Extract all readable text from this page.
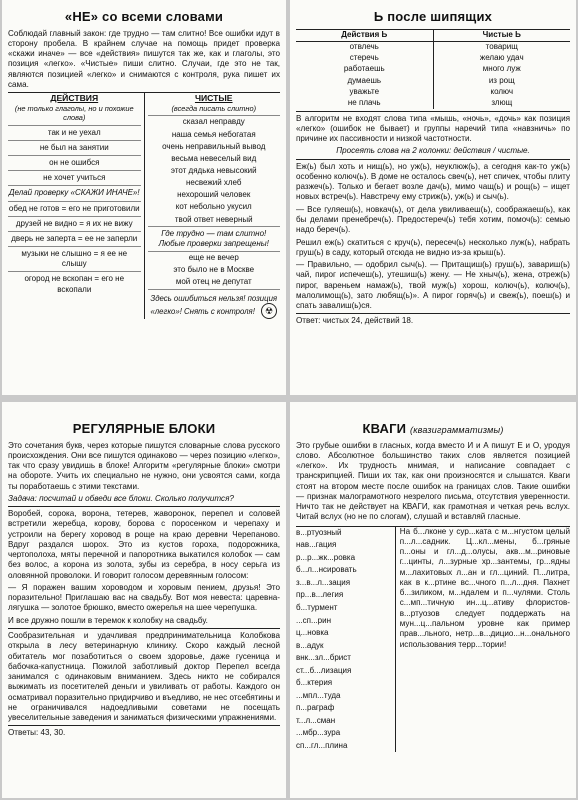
«НЕ» со всеми словами

Соблюдай главный закон: где трудно — там слитно! Все ошибки идут в сторону пробела. В крайнем случае на помощь придет проверка «скажи иначе» — все «действия» пишутся так же, как и глаголы, это позиция «легко». «Чистые» пиши слитно. Случаи, где это не так, являются позицией «легко» и снимаются с контроля, рука пишет их сама.

ДЕЙСТВИЯ
(не только глаголы, но и похожие слова)
так и не уехал
не был на занятии
он не ошибся
не хочет учиться
Делай проверку «СКАЖИ ИНАЧЕ»!
обед не готов = его не приготовили
друзей не видно = я их не вижу
дверь не заперта = ее не заперли
музыки не слышно = я ее не слышу
огород не вскопан = его не вскопали
ЧИСТЫЕ
(всегда писать слитно)
сказал неправду
наша семья небогатая
очень неправильный вывод
весьма невеселый вид
этот дядька невысокий
несвежий хлеб
нехороший человек
кот небольно укусил
твой ответ неверный
Где трудно — там слитно! Любые проверки запрещены!
еще не вечер
это было не в Москве
мой отец не депутат
Здесь ошибиться нельзя! позиция «легко»! Снять с контроля! ☢
Ь после шипящих
Действия Ь
отвлечь
стеречь
работаешь
думаешь
уважьте
не плачь
Чистые Ь
товарищ
желаю удач
много луж
из рощ
колюч
злющ

В алгоритм не входят слова типа «мышь, «ночь», «дочь» как позиция «легко» (ошибок не бывает) и группы наречий типа «навзничь» по причине их пассивности и низкой частотности.

Просеять слова на 2 колонки: действия / чистые.

Еж(ь) был хоть и нищ(ь), но уж(ь), неуклюж(ь), а сегодня как-то уж(ь) особенно колюч(ь). В доме не осталось свеч(ь), нет спичек, чтобы плиту разжеч(ь). Только и бегает возле дач(ь), мимо чащ(ь) и рощ(ь) – ищет новых встреч(ь). Навстречу ему стриж(ь), уж(ь) и сыч(ь).

— Все гуляеш(ь), новкач(ь), от дела увиливаеш(ь), соображаеш(ь), как бы делами пренебреч(ь). Предостереч(ь) тебя хотим, помоч(ь): семью надо береч(ь).

Решил еж(ь) скатиться с круч(ь), пересеч(ь) несколько луж(ь), набрать груш(ь) в саду, который отсюда не видно из-за крыш(ь).

— Правильно, — одобрил сыч(ь). — Притащиш(ь) груш(ь), завариш(ь) чай, пирог испечеш(ь), утешиш(ь) жену. — Не хныч(ь), жена, отреж(ь) пирог, вареньем намаж(ь), твой муж(ь) хорош, колюч(ь), колюч(ь), малолимощ(ь), зато любящ(ь)». А пирог горяч(ь) и свеж(ь), поеш(ь) и спать завалиш(ь)ся.

Ответ: чистых 24, действий 18.

РЕГУЛЯРНЫЕ БЛОКИ

Это сочетания букв, через которые пишутся словарные слова русского происхождения. Они все пишутся одинаково — через позицию «легко», так что сразу увидишь в блоке! Алгоритм «регулярные блоки» смотри на обороте. Учить их специально не нужно, они усвоятся сами, когда ты поработаешь с этими текстами.

Задача: посчитай и обведи все блоки. Сколько получится?

Воробей, сорока, ворона, тетерев, жаворонок, перепел и соловей встретили жеребца, корову, борова с поросенком и черепаху и устроили на берегу хоровод в роще на краю деревни Черепаново. Вдруг раздался шорох. Это из кустов гороха, подорожника, чертополоха, мяты перечной и папоротника выкатился колобок — сам без волос, а корона из золота, зубы из серебра, в носу серьга из оловянной проволоки. И говорит голосом деревянным голосом:

— Я поражен вашим хороводом и хоровым пением, друзья! Это поразительно! Приглашаю вас на свадьбу. Вот моя невеста: царевна-лягушка — золотое брюшко, вместо ожерелья на шее черепушка.

И все дружно пошли в теремок к колобку на свадьбу.

Сообразительная и удачливая предпринимательница Колобкова открыла в лесу ветеринарную клинику. Скоро каждый лесной обитатель мог позаботиться о своем здоровье, даже гусеница и бабочка-капустница. Пожилой заботливый доктор Перепел всегда занимался с одинаковым вниманием. Здесь никто не собирался выжимать из посетителей деньги и увиливать от работы. Каждого он осматривал поразительно придирчиво и въедливо, не нес отсебятины и не ограничивался надоедливыми советами не посещать увеселительные заведения и заниматься физическими упражнениями.

Ответы: 43, 30.

КВАГИ (квазиграмматизмы)

Это грубые ошибки в гласных, когда вместо И и А пишут Е и О, уродуя слово. Абсолютное большинство таких слов является позицией «легко». Их трудность мнимая, и написание совпадает с транскрипцией. Пиши их так, как они произносятся и слышатся. Кваги стоят на втором месте после ошибок на границах слов. Такие ошибки — признак малограмотного незрелого письма, отсутствия уверенности. Ничто так не действует на КВАГИ, как грамотная и четкая речь вслух. Читай вслух (но не по слогам), слушай и вставляй гласные.

в...ртуозный
нав...гация
р...р...жк...ровка
б...л...нсировать
з...в...л...зация
пр...в...легия
б...турмент
...сп...рин
ц...новка
в...адук
внк...зл...брист
ст...б...лизация
б...ктерия
...мпл...туда
п...раграф
т...л...сман
...мбр...зура
сп...гл...плина
На б...лконе у сур...ката с м...нгустом целый п...л...садник. Ц...кл...мены, б...гряные п...оны и гл...д...олусы, акв...м...риновые г...цинты, л...зурные хр...зантемы, гр...ядны м...лахитовых л...ан и гл...циний. П...литра, как в к...ртине вс...чного п...л...дня. Пахнет б...зиликом, м...ндалем и п...чулями. Столь с...мп...тичную ин...ц...ативу флористов-в...ртуозов следует поддержать на мун...ц...пальном уровне как пример прав...льного, нетр...в...дицио...н...онального использования терр...тории!
